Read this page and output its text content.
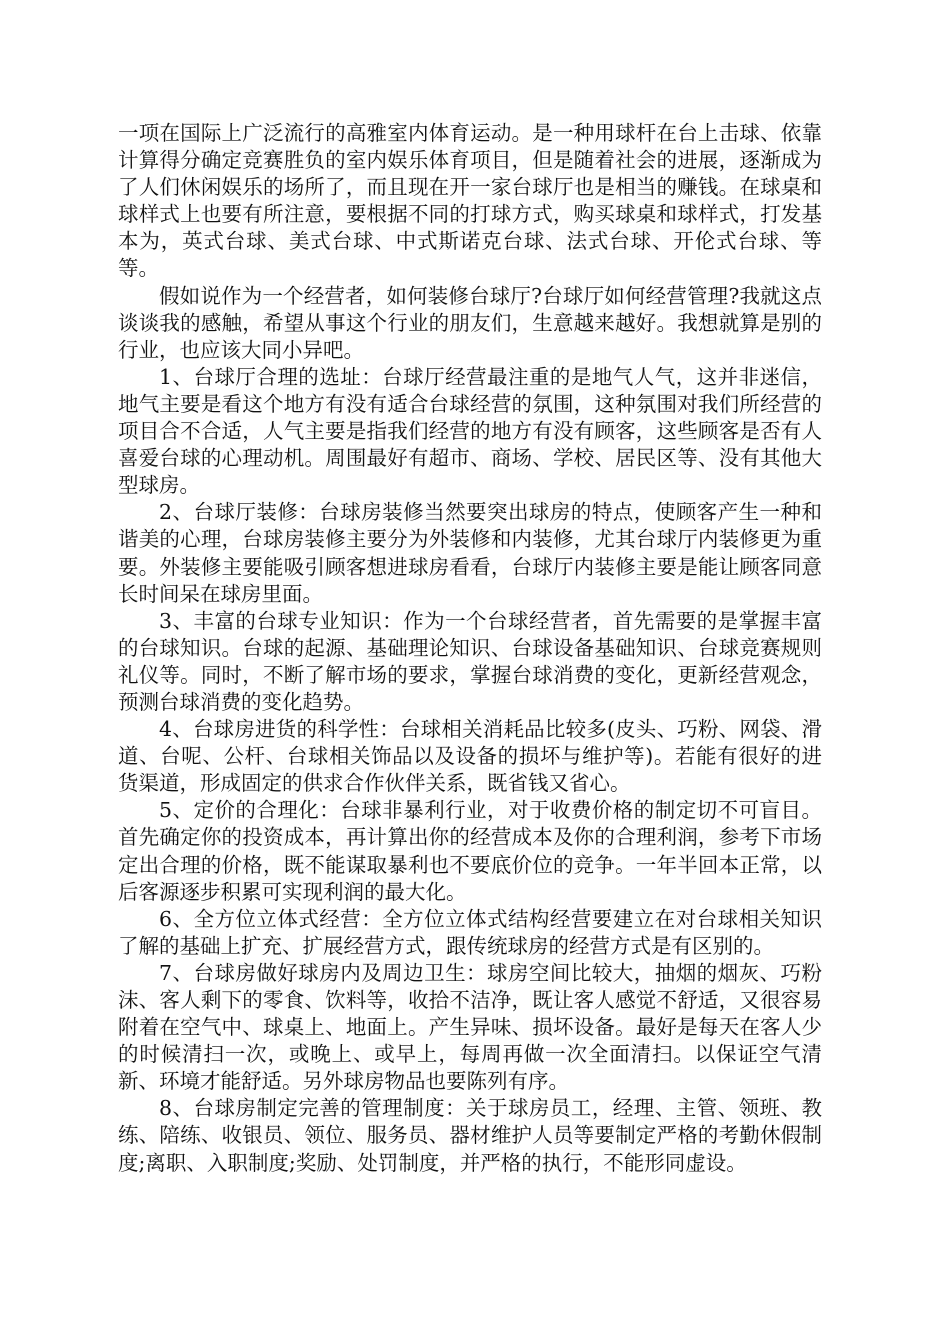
一项在国际上广泛流行的高雅室内体育运动。是一种用球杆在台上击球、依靠计算得分确定竞赛胜负的室内娱乐体育项目，但是随着社会的进展，逐渐成为了人们休闲娱乐的场所了，而且现在开一家台球厅也是相当的赚钱。在球桌和球样式上也要有所注意，要根据不同的打球方式，购买球桌和球样式，打发基本为，英式台球、美式台球、中式斯诺克台球、法式台球、开伦式台球、等等。

假如说作为一个经营者，如何装修台球厅?台球厅如何经营管理?我就这点谈谈我的感触，希望从事这个行业的朋友们，生意越来越好。我想就算是别的行业，也应该大同小异吧。

1、台球厅合理的选址：台球厅经营最注重的是地气人气，这并非迷信，地气主要是看这个地方有没有适合台球经营的氛围，这种氛围对我们所经营的项目合不合适，人气主要是指我们经营的地方有没有顾客，这些顾客是否有人喜爱台球的心理动机。周围最好有超市、商场、学校、居民区等、没有其他大型球房。

2、台球厅装修：台球房装修当然要突出球房的特点，使顾客产生一种和谐美的心理，台球房装修主要分为外装修和内装修，尤其台球厅内装修更为重要。外装修主要能吸引顾客想进球房看看，台球厅内装修主要是能让顾客同意长时间呆在球房里面。

3、丰富的台球专业知识：作为一个台球经营者，首先需要的是掌握丰富的台球知识。台球的起源、基础理论知识、台球设备基础知识、台球竞赛规则礼仪等。同时，不断了解市场的要求，掌握台球消费的变化，更新经营观念，预测台球消费的变化趋势。

4、台球房进货的科学性：台球相关消耗品比较多(皮头、巧粉、网袋、滑道、台呢、公杆、台球相关饰品以及设备的损坏与维护等)。若能有很好的进货渠道，形成固定的供求合作伙伴关系，既省钱又省心。

5、定价的合理化：台球非暴利行业，对于收费价格的制定切不可盲目。首先确定你的投资成本，再计算出你的经营成本及你的合理利润，参考下市场定出合理的价格，既不能谋取暴利也不要底价位的竞争。一年半回本正常，以后客源逐步积累可实现利润的最大化。

6、全方位立体式经营：全方位立体式结构经营要建立在对台球相关知识了解的基础上扩充、扩展经营方式，跟传统球房的经营方式是有区别的。

7、台球房做好球房内及周边卫生：球房空间比较大，抽烟的烟灰、巧粉沫、客人剩下的零食、饮料等，收拾不洁净，既让客人感觉不舒适，又很容易附着在空气中、球桌上、地面上。产生异味、损坏设备。最好是每天在客人少的时候清扫一次，或晚上、或早上，每周再做一次全面清扫。以保证空气清新、环境才能舒适。另外球房物品也要陈列有序。

8、台球房制定完善的管理制度：关于球房员工，经理、主管、领班、教练、陪练、收银员、领位、服务员、器材维护人员等要制定严格的考勤休假制度;离职、入职制度;奖励、处罚制度，并严格的执行，不能形同虚设。
